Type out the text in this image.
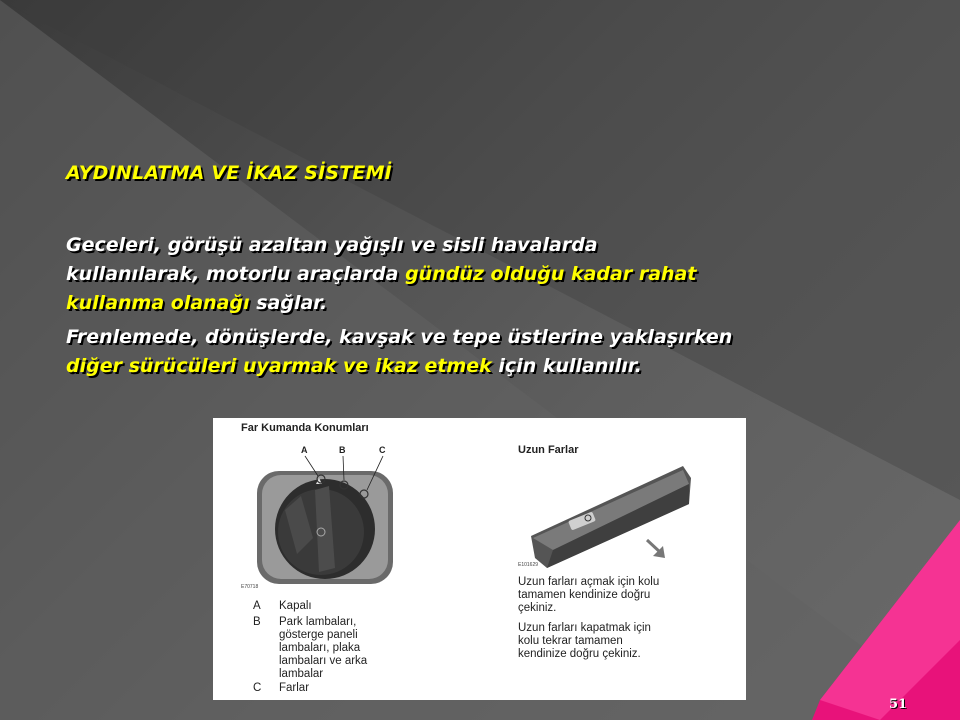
AYDINLATMA VE İKAZ SİSTEMİ

Geceleri, görüşü azaltan yağışlı ve sisli havalarda
kullanılarak, motorlu araçlarda gündüz olduğu kadar rahat
kullanma olanağı sağlar.

Frenlemede, dönüşlerde, kavşak ve tepe üstlerine yaklaşırken
diğer sürücüleri uyarmak ve ikaz etmek için kullanılır.

Far Kumanda Konumları
A	B	C
E70718
A Kapalı
B Park lambaları,
gösterge paneli
lambaları, plaka
lambaları ve arka
lambalar
C Farlar
Uzun Farlar
E101629
Uzun farları açmak için kolu
tamamen kendinize doğru
çekiniz.
Uzun farları kapatmak için
kolu tekrar tamamen
kendinize doğru çekiniz.
51
